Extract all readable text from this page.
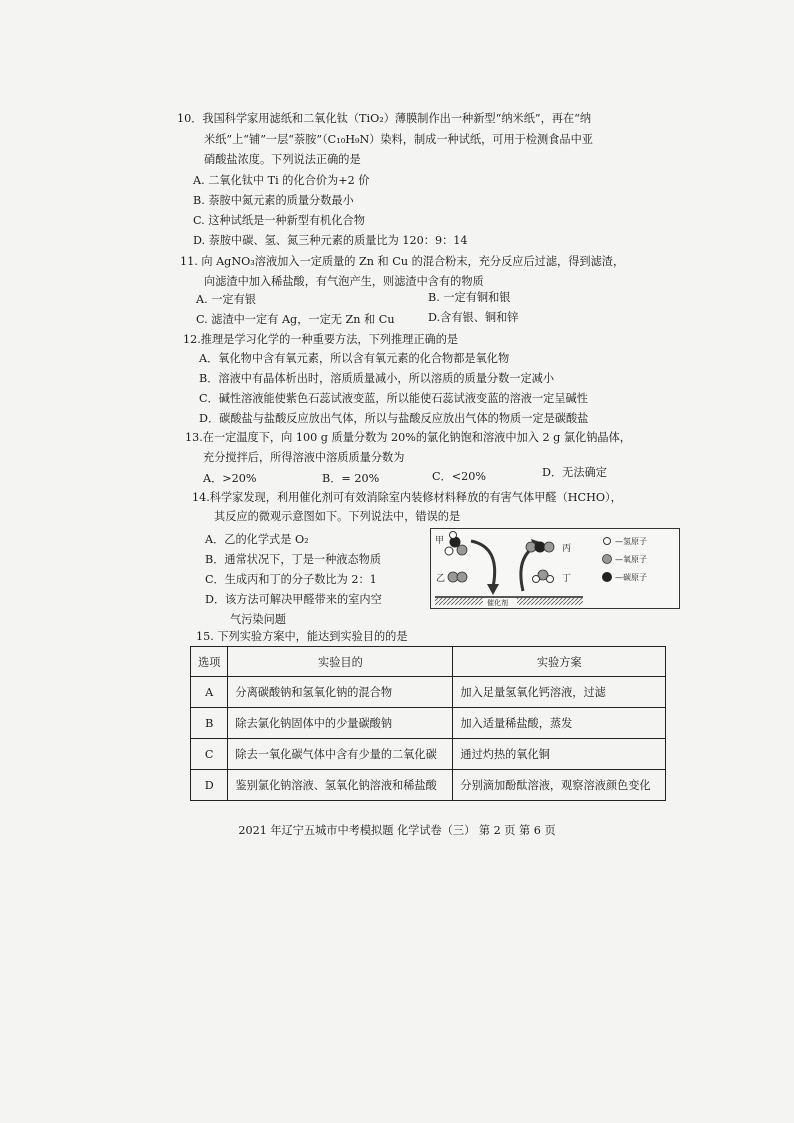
10．我国科学家用滤纸和二氧化钛（TiO₂）薄膜制作出一种新型“纳米纸”，再在“纳
米纸”上“铺”一层“萘胺”（C₁₀H₉N）染料，制成一种试纸，可用于检测食品中亚
硝酸盐浓度。下列说法正确的是
A. 二氧化钛中 Ti 的化合价为+2 价
B. 萘胺中氮元素的质量分数最小
C. 这种试纸是一种新型有机化合物
D. 萘胺中碳、氢、氮三种元素的质量比为 120：9：14
11. 向 AgNO₃溶液加入一定质量的 Zn 和 Cu 的混合粉末，充分反应后过滤，得到滤渣，
向滤渣中加入稀盐酸，有气泡产生，则滤渣中含有的物质
A. 一定有银	B. 一定有铜和银
C. 滤渣中一定有 Ag，一定无 Zn 和 Cu	D.含有银、铜和锌
12.推理是学习化学的一种重要方法，下列推理正确的是
A．氧化物中含有氧元素，所以含有氧元素的化合物都是氧化物
B．溶液中有晶体析出时，溶质质量减小，所以溶质的质量分数一定减小
C．碱性溶液能使紫色石蕊试液变蓝，所以能使石蕊试液变蓝的溶液一定呈碱性
D．碳酸盐与盐酸反应放出气体，所以与盐酸反应放出气体的物质一定是碳酸盐
13.在一定温度下，向 100 g 质量分数为 20%的氯化钠饱和溶液中加入 2 g 氯化钠晶体，
充分搅拌后，所得溶液中溶质质量分数为
A．>20%	B．= 20%	C．<20%	D．无法确定
14.科学家发现，利用催化剂可有效消除室内装修材料释放的有害气体甲醛（HCHO），
其反应的微观示意图如下。下列说法中，错误的是
A．乙的化学式是 O₂
B．通常状况下，丁是一种液态物质
C．生成丙和丁的分子数比为 2：1
D．该方法可解决甲醛带来的室内空
气污染问题
甲
乙
丙
丁
—氢原子
—氧原子
—碳原子
催化剂
15. 下列实验方案中，能达到实验目的的是
选项	实验目的	实验方案
A	分离碳酸钠和氢氧化钠的混合物	加入足量氢氧化钙溶液，过滤
B	除去氯化钠固体中的少量碳酸钠	加入适量稀盐酸，蒸发
C	除去一氧化碳气体中含有少量的二氧化碳	通过灼热的氧化铜
D	鉴别氯化钠溶液、氢氧化钠溶液和稀盐酸	分别滴加酚酞溶液，观察溶液颜色变化
2021 年辽宁五城市中考模拟题 化学试卷（三） 第 2 页 第 6 页
